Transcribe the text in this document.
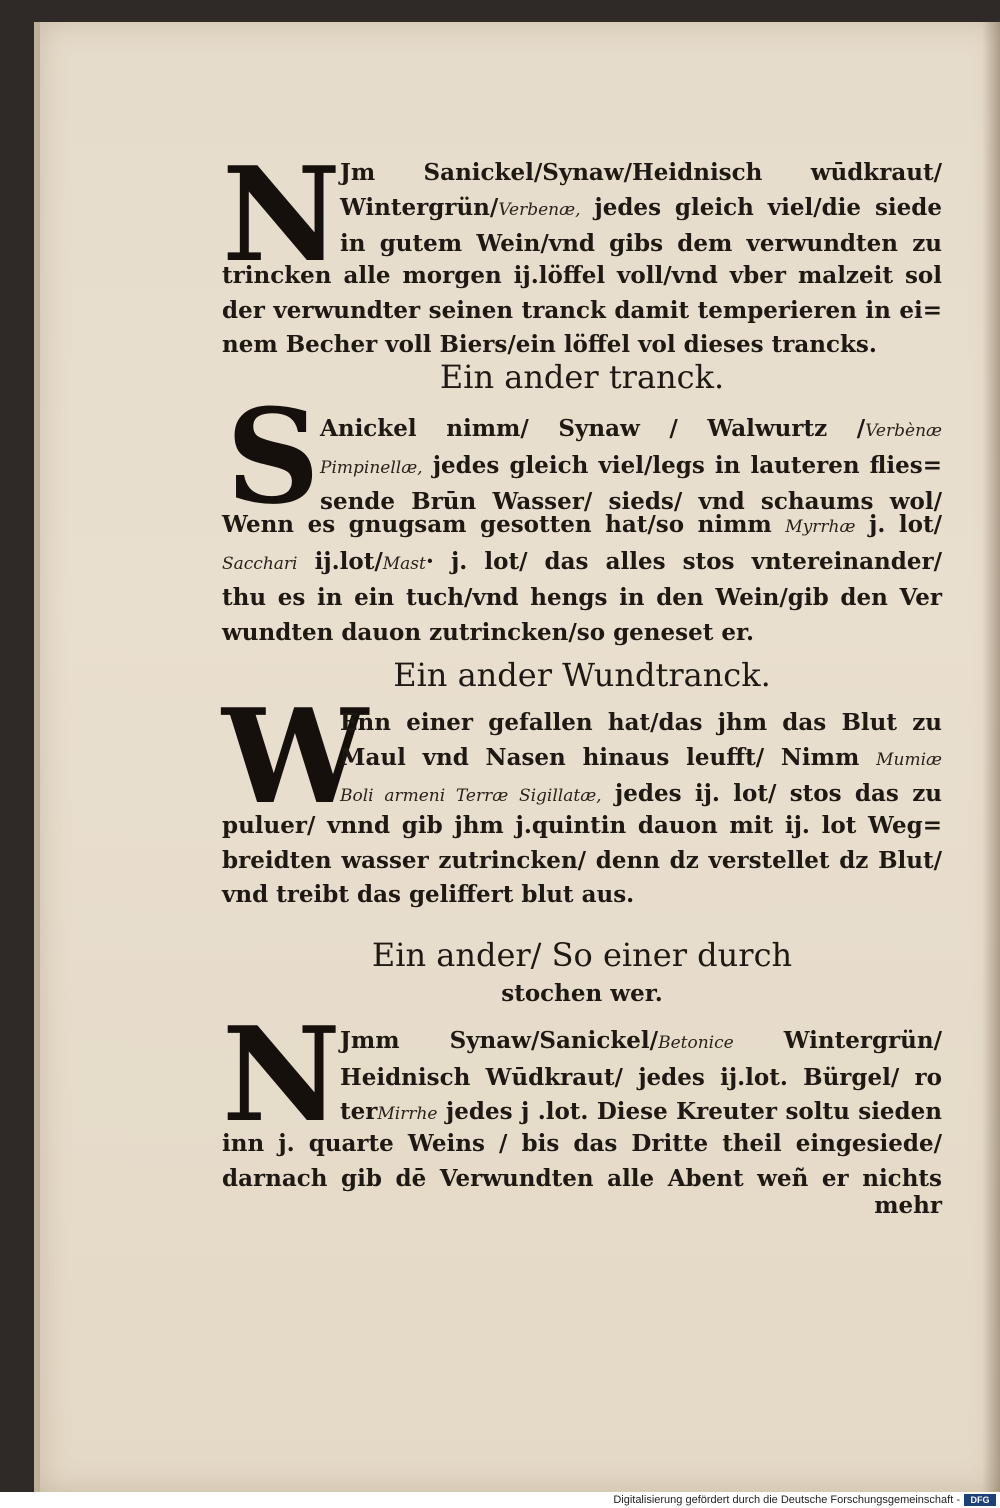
N Jm Sanickel/Synaw/Heidnisch wūdkraut/
Wintergrün/Verbenæ, jedes gleich viel/die siede
in gutem Wein/vnd gibs dem verwundten zu
trincken alle morgen ij.löffel voll/vnd vber malzeit sol
der verwundter seinen tranck damit temperieren in ei=
nem Becher voll Biers/ein löffel vol dieses trancks.
Ein ander tranck.
S Anickel nimm/ Synaw / Walwurtz /Verbènæ
Pimpinellæ, jedes gleich viel/legs in lauteren flies=
sende Brūn Wasser/ sieds/ vnd schaums wol/
Wenn es gnugsam gesotten hat/so nimm Myrrhæ j. lot/
Sacchari ij.lot/Mast· j. lot/ das alles stos vntereinander/
thu es in ein tuch/vnd hengs in den Wein/gib den Ver
wundten dauon zutrincken/so geneset er.
Ein ander Wundtranck.
W
Enn einer gefallen hat/das jhm das Blut zu
Maul vnd Nasen hinaus leufft/ Nimm Mumiæ
Boli armeni Terræ Sigillatæ, jedes ij. lot/ stos das zu
puluer/ vnnd gib jhm j.quintin dauon mit ij. lot Weg=
breidten wasser zutrincken/ denn dz verstellet dz Blut/
vnd treibt das geliffert blut aus.
Ein ander/ So einer durch
stochen wer.
N Jmm Synaw/Sanickel/Betonice Wintergrün/
Heidnisch Wūdkraut/ jedes ij.lot. Bürgel/ ro
terMirrhe jedes j .lot. Diese Kreuter soltu sieden
inn j. quarte Weins / bis das Dritte theil eingesiede/
darnach gib dē Verwundten alle Abent weñ er nichts
mehr
Digitalisierung gefördert durch die Deutsche Forschungsgemeinschaft -	DFG
